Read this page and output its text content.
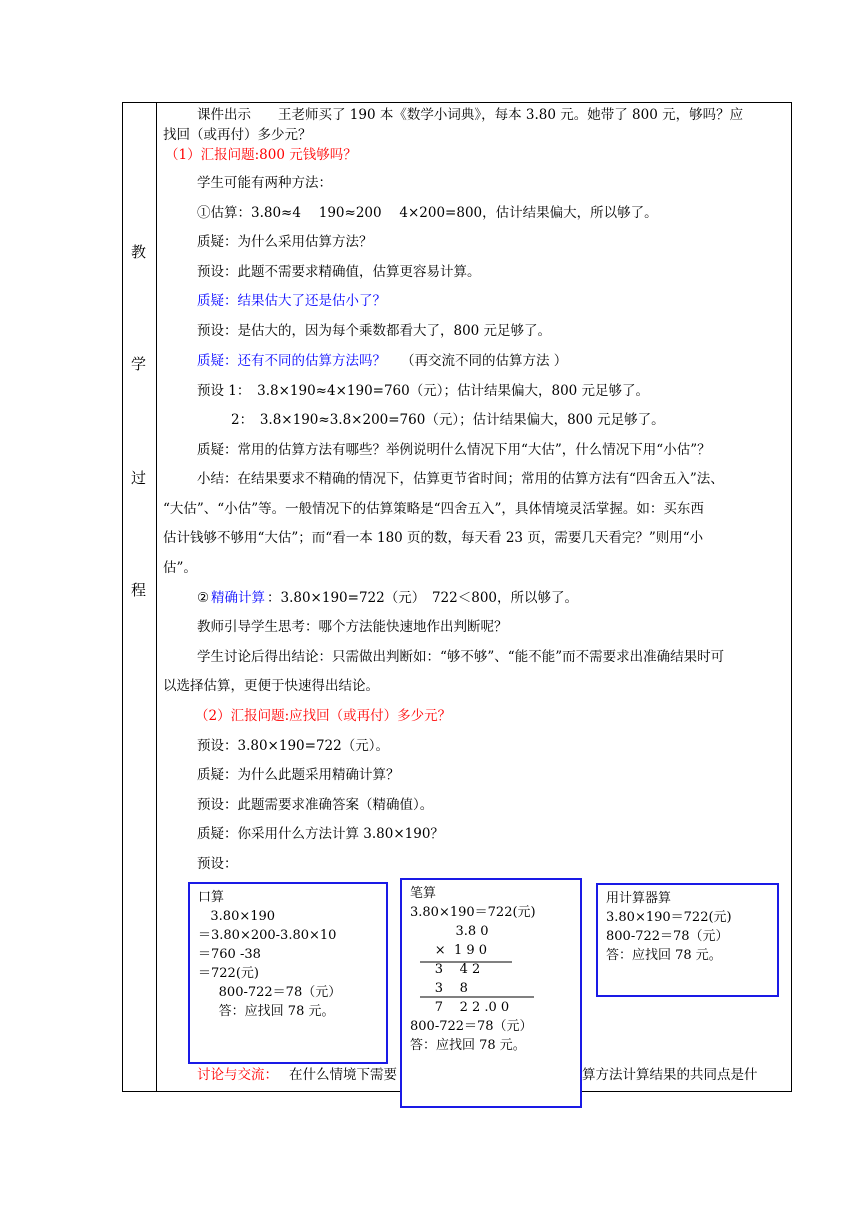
教
学
过
程
课件出示　　王老师买了 190 本《数学小词典》，每本 3.80 元。她带了 800 元，够吗？应
找回（或再付）多少元？
（1）汇报问题:800 元钱够吗？
学生可能有两种方法：
①估算：3.80≈4　 190≈200　 4×200=800，估计结果偏大，所以够了。
质疑：为什么采用估算方法？
预设：此题不需要求精确值，估算更容易计算。
质疑：结果估大了还是估小了？
预设：是估大的，因为每个乘数都看大了，800 元足够了。
质疑：还有不同的估算方法吗？ （再交流不同的估算方法 ）
预设 1：　3.8×190≈4×190=760（元）；估计结果偏大，800 元足够了。
2：　3.8×190≈3.8×200=760（元）；估计结果偏大，800 元足够了。
质疑：常用的估算方法有哪些？举例说明什么情况下用“大估”，什么情况下用“小估”？
小结：在结果要求不精确的情况下，估算更节省时间；常用的估算方法有“四舍五入”法、
“大估”、“小估”等。一般情况下的估算策略是“四舍五入”，具体情境灵活掌握。如：买东西
估计钱够不够用“大估”；而“看一本 180 页的数，每天看 23 页，需要几天看完？”则用“小
估”。
② 精确计算 ：3.80×190=722（元）　722＜800，所以够了。
教师引导学生思考：哪个方法能快速地作出判断呢？
学生讨论后得出结论：只需做出判断如：“够不够”、“能不能”而不需要求出准确结果时可
以选择估算，更便于快速得出结论。
（2）汇报问题:应找回（或再付）多少元？
预设：3.80×190=722（元）。
质疑：为什么此题采用精确计算？
预设：此题需要求准确答案（精确值）。
质疑：你采用什么方法计算 3.80×190？
预设：
讨论与交流： 在什么情境下需要	算方法计算结果的共同点是什
口算
3.80×190
＝3.80×200-3.80×10
＝760 -38
＝722(元)
800-722＝78（元）
答：应找回 78 元。
笔算
3.80×190＝722(元)
3.8 0
×  1 9 0
3    4 2
3    8
7    2 2 .0 0
800-722＝78（元）
答：应找回 78 元。
用计算器算
3.80×190＝722(元)
800-722＝78（元）
答：应找回 78 元。
